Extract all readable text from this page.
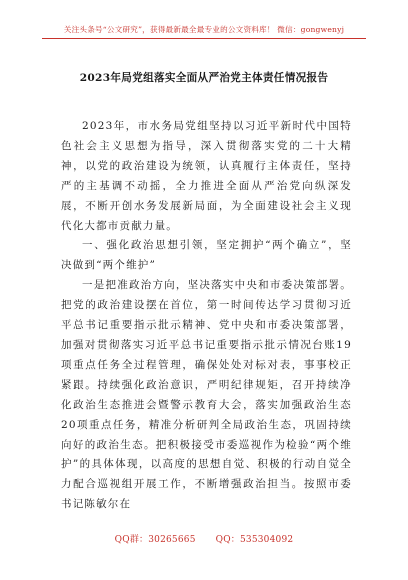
关注头条号“公文研究”，获得最新最全最专业的公文资料库！ 微信：gongwenyj
2023年局党组落实全面从严治党主体责任情况报告

2023年，市水务局党组坚持以习近平新时代中国特色社会主义思想为指导，深入贯彻落实党的二十大精神，以党的政治建设为统领，认真履行主体责任，坚持严的主基调不动摇，全力推进全面从严治党向纵深发展，不断开创水务发展新局面，为全面建设社会主义现代化大都市贡献力量。

一、强化政治思想引领，坚定拥护“两个确立”，坚决做到“两个维护”

一是把准政治方向，坚决落实中央和市委决策部署。把党的政治建设摆在首位，第一时间传达学习贯彻习近平总书记重要指示批示精神、党中央和市委决策部署，加强对贯彻落实习近平总书记重要指示批示情况台账19项重点任务全过程管理，确保处处对标对表，事事校正紧跟。持续强化政治意识，严明纪律规矩，召开持续净化政治生态推进会暨警示教育大会，落实加强政治生态20项重点任务，精准分析研判全局政治生态，巩固持续向好的政治生态。把积极接受市委巡视作为检验“两个维护”的具体体现，以高度的思想自觉、积极的行动自觉全力配合巡视组开展工作，不断增强政治担当。按照市委书记陈敏尔在

QQ群：30265665 QQ：535304092
